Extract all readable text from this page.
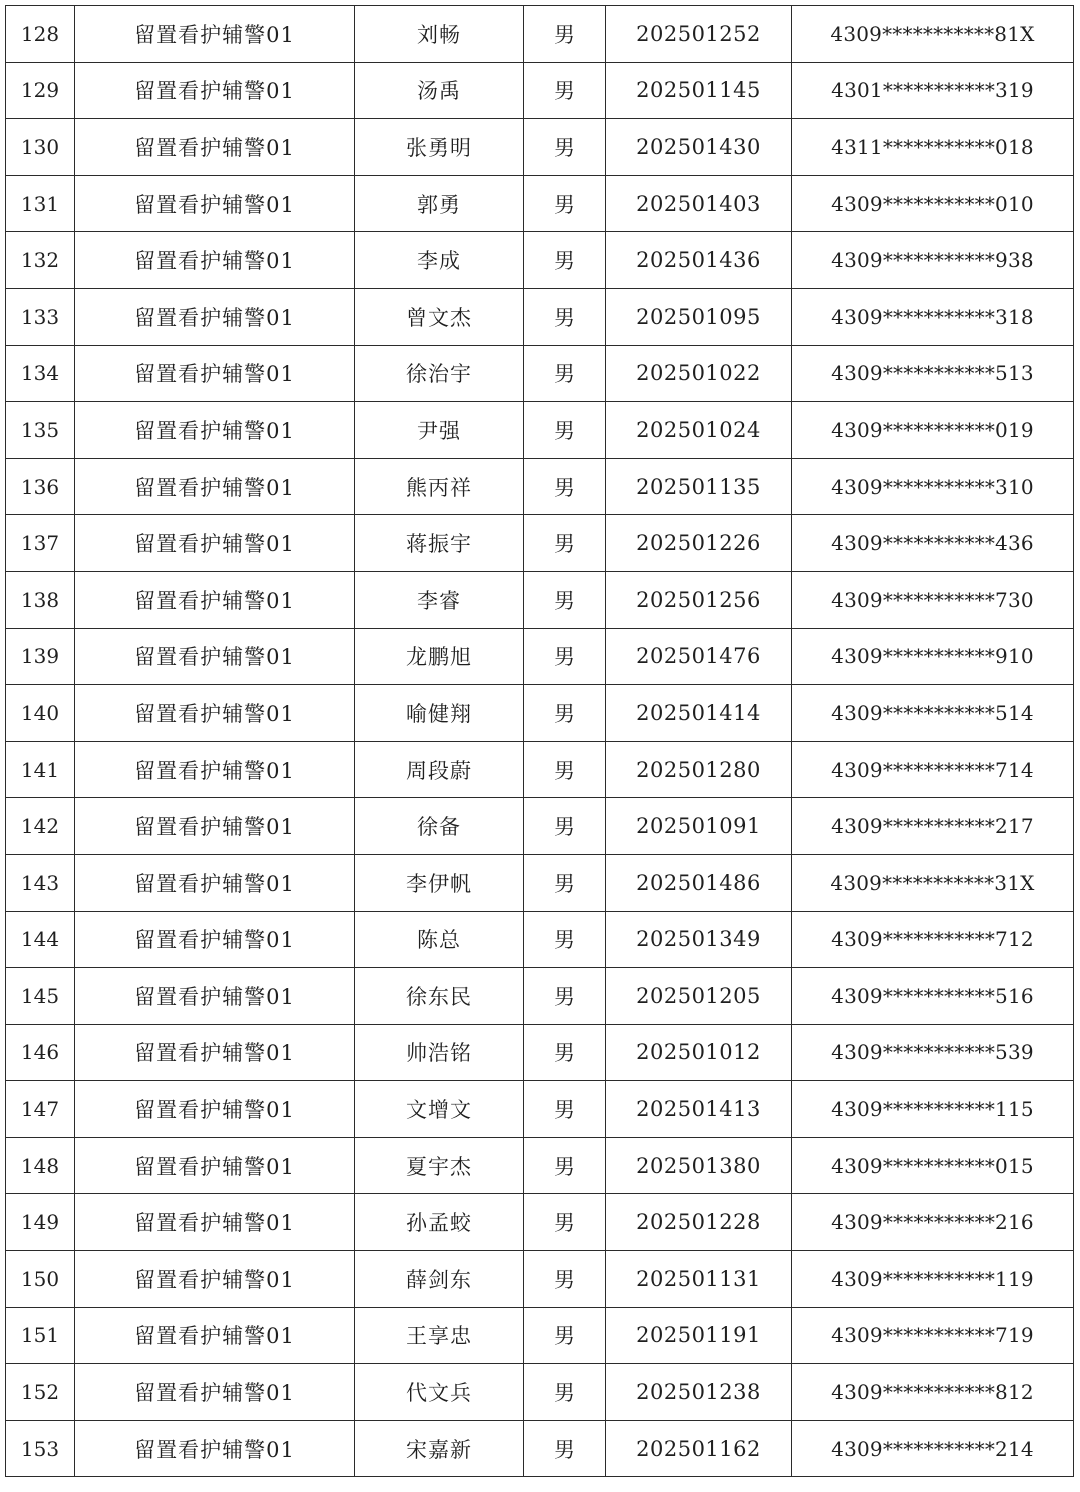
128	留置看护辅警01	刘畅	男	202501252	4309***********81X
129	留置看护辅警01	汤禹	男	202501145	4301***********319
130	留置看护辅警01	张勇明	男	202501430	4311***********018
131	留置看护辅警01	郭勇	男	202501403	4309***********010
132	留置看护辅警01	李成	男	202501436	4309***********938
133	留置看护辅警01	曾文杰	男	202501095	4309***********318
134	留置看护辅警01	徐治宇	男	202501022	4309***********513
135	留置看护辅警01	尹强	男	202501024	4309***********019
136	留置看护辅警01	熊丙祥	男	202501135	4309***********310
137	留置看护辅警01	蒋振宇	男	202501226	4309***********436
138	留置看护辅警01	李睿	男	202501256	4309***********730
139	留置看护辅警01	龙鹏旭	男	202501476	4309***********910
140	留置看护辅警01	喻健翔	男	202501414	4309***********514
141	留置看护辅警01	周段蔚	男	202501280	4309***********714
142	留置看护辅警01	徐备	男	202501091	4309***********217
143	留置看护辅警01	李伊帆	男	202501486	4309***********31X
144	留置看护辅警01	陈总	男	202501349	4309***********712
145	留置看护辅警01	徐东民	男	202501205	4309***********516
146	留置看护辅警01	帅浩铭	男	202501012	4309***********539
147	留置看护辅警01	文增文	男	202501413	4309***********115
148	留置看护辅警01	夏宇杰	男	202501380	4309***********015
149	留置看护辅警01	孙孟蛟	男	202501228	4309***********216
150	留置看护辅警01	薛剑东	男	202501131	4309***********119
151	留置看护辅警01	王享忠	男	202501191	4309***********719
152	留置看护辅警01	代文兵	男	202501238	4309***********812
153	留置看护辅警01	宋嘉新	男	202501162	4309***********214
